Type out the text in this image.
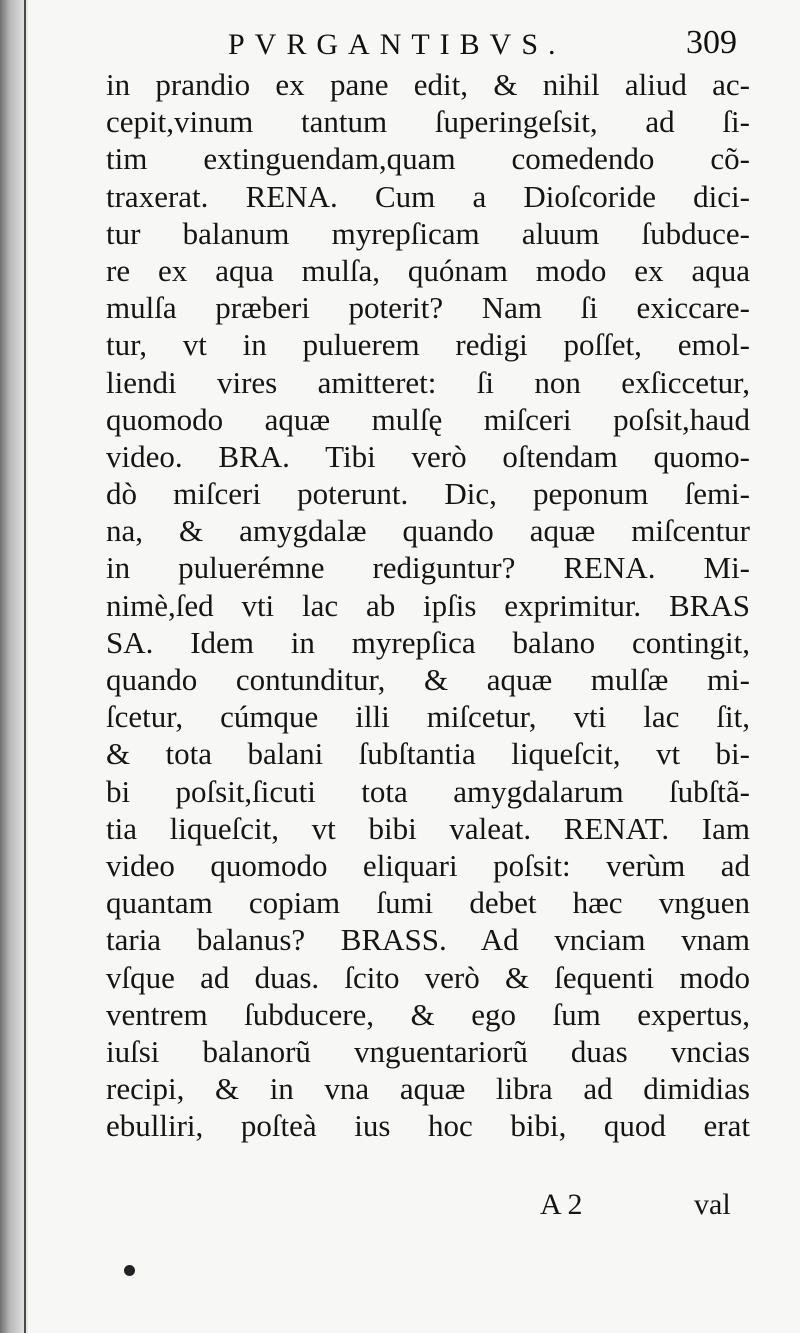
PVRGANTIBVS.	309
in prandio ex pane edit, & nihil aliud ac-
cepit,vinum tantum ſuperingeſsit, ad ſi-
tim extinguendam,quam comedendo cõ-
traxerat. RENA. Cum a Dioſcoride dici-
tur balanum myrepſicam aluum ſubduce-
re ex aqua mulſa, quónam modo ex aqua
mulſa præberi poterit? Nam ſi exiccare-
tur, vt in puluerem redigi poſſet, emol-
liendi vires amitteret: ſi non exſiccetur,
quomodo aquæ mulſę miſceri poſsit,haud
video. BRA. Tibi verò oſtendam quomo-
dò miſceri poterunt. Dic, peponum ſemi-
na, & amygdalæ quando aquæ miſcentur
in puluerémne rediguntur? RENA. Mi-
nimè,ſed vti lac ab ipſis exprimitur. BRAS
SA. Idem in myrepſica balano contingit,
quando contunditur, & aquæ mulſæ mi-
ſcetur, cúmque illi miſcetur, vti lac ſit,
& tota balani ſubſtantia liqueſcit, vt bi-
bi poſsit,ſicuti tota amygdalarum ſubſtã-
tia liqueſcit, vt bibi valeat. RENAT. Iam
video quomodo eliquari poſsit: verùm ad
quantam copiam ſumi debet hæc vnguen
taria balanus? BRASS. Ad vnciam vnam
vſque ad duas. ſcito verò & ſequenti modo
ventrem ſubducere, & ego ſum expertus,
iuſsi balanorũ vnguentariorũ duas vncias
recipi, & in vna aquæ libra ad dimidias
ebulliri, poſteà ius hoc bibi, quod erat
A 2	val
